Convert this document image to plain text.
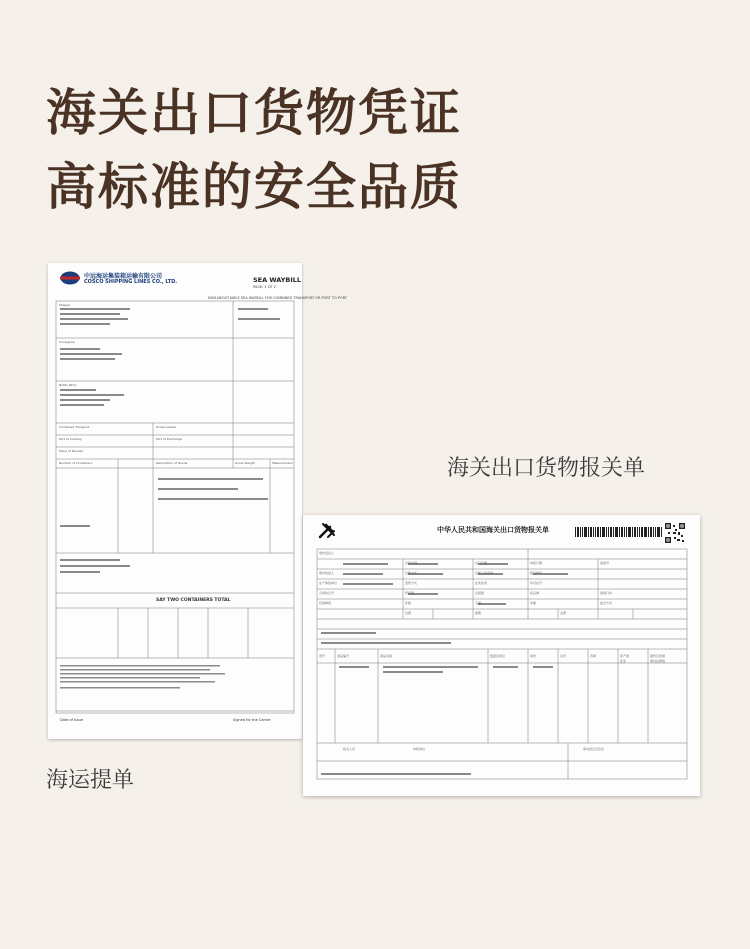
海关出口货物凭证
高标准的安全品质
中远海运集装箱运输有限公司
COSCO SHIPPING LINES CO., LTD.	SEA WAYBILL
PAGE: 1 OF 2
NON-NEGOTIABLE SEA WAYBILL FOR COMBINED TRANSPORT OR PORT TO PORT
Shipper
Consignee
Notify Party
Combined Transport	Ocean Vessel
Port of Loading	Port of Discharge
Place of Receipt
Number of Containers	Description of Goods	Gross Weight	Measurement
SAY TWO CONTAINERS TOTAL
Date of Issue	Signed for the Carrier

海关出口货物报关单

中华人民共和国海关出口货物报关单
境内发货人
出境关别	出口日期	申报日期	备案号
境外收货人	运输方式	运输工具名称	提运单号
生产销售单位	监管方式	征免性质	许可证号
合同协议号	贸易国	运抵国	指运港	离境口岸
包装种类	件数	毛重	净重	成交方式
运费	保费	杂费
项号	商品编号	商品名称	数量及单位	单价	总价	币制	原产国	最终目的国
境内货源地
征免
报关人员	申报单位	海关批注及签章

海运提单
